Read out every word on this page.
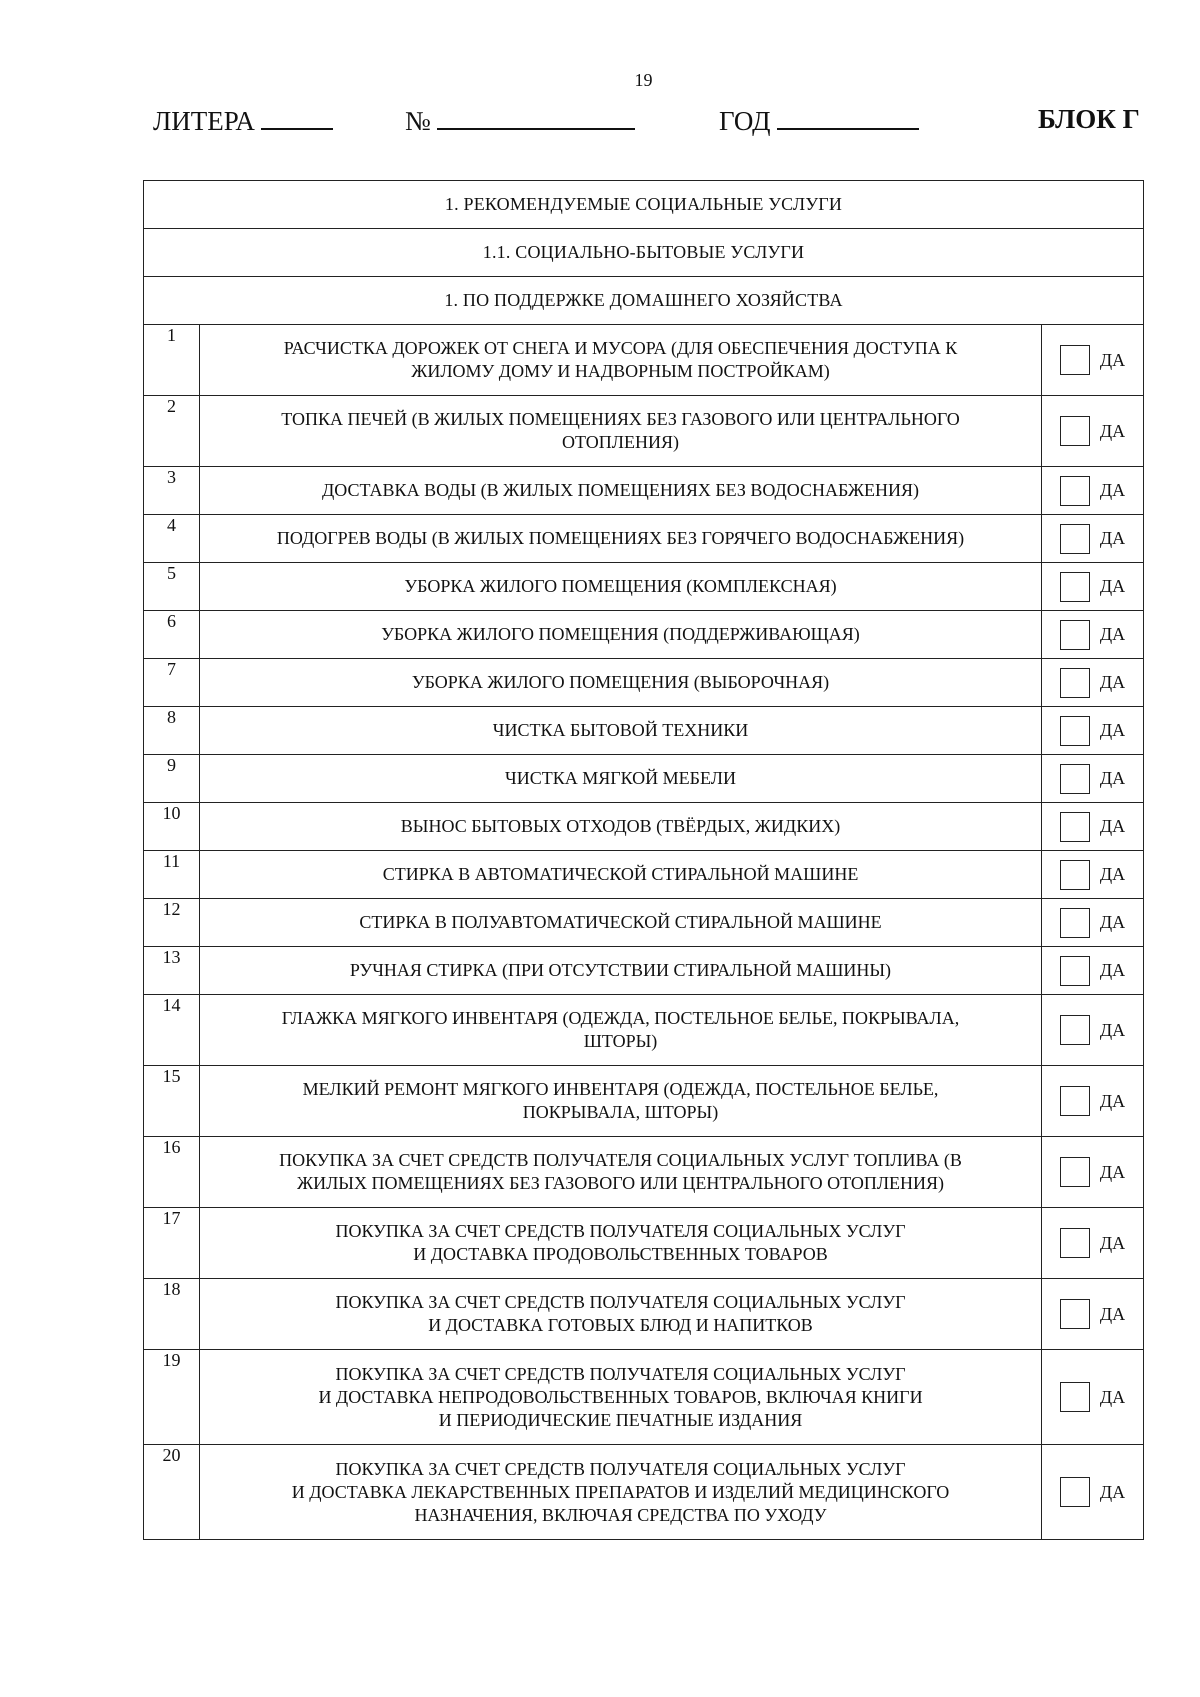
19
ЛИТЕРА	№	ГОД	БЛОК Г
1. РЕКОМЕНДУЕМЫЕ СОЦИАЛЬНЫЕ УСЛУГИ		
1.1. СОЦИАЛЬНО-БЫТОВЫЕ УСЛУГИ		
1. ПО ПОДДЕРЖКЕ ДОМАШНЕГО ХОЗЯЙСТВА		
1	РАСЧИСТКА ДОРОЖЕК ОТ СНЕГА И МУСОРА (ДЛЯ ОБЕСПЕЧЕНИЯ ДОСТУПА К
ЖИЛОМУ ДОМУ И НАДВОРНЫМ ПОСТРОЙКАМ)	ДА

2	ТОПКА ПЕЧЕЙ (В ЖИЛЫХ ПОМЕЩЕНИЯХ БЕЗ ГАЗОВОГО ИЛИ ЦЕНТРАЛЬНОГО
ОТОПЛЕНИЯ)	ДА

3	ДОСТАВКА ВОДЫ (В ЖИЛЫХ ПОМЕЩЕНИЯХ БЕЗ ВОДОСНАБЖЕНИЯ)	ДА

4	ПОДОГРЕВ ВОДЫ (В ЖИЛЫХ ПОМЕЩЕНИЯХ БЕЗ ГОРЯЧЕГО ВОДОСНАБЖЕНИЯ)	ДА

5	УБОРКА ЖИЛОГО ПОМЕЩЕНИЯ (КОМПЛЕКСНАЯ)	ДА

6	УБОРКА ЖИЛОГО ПОМЕЩЕНИЯ (ПОДДЕРЖИВАЮЩАЯ)	ДА

7	УБОРКА ЖИЛОГО ПОМЕЩЕНИЯ (ВЫБОРОЧНАЯ)	ДА

8	ЧИСТКА БЫТОВОЙ ТЕХНИКИ	ДА

9	ЧИСТКА МЯГКОЙ МЕБЕЛИ	ДА

10	ВЫНОС БЫТОВЫХ ОТХОДОВ (ТВЁРДЫХ, ЖИДКИХ)	ДА

11	СТИРКА В АВТОМАТИЧЕСКОЙ СТИРАЛЬНОЙ МАШИНЕ	ДА

12	СТИРКА В ПОЛУАВТОМАТИЧЕСКОЙ СТИРАЛЬНОЙ МАШИНЕ	ДА

13	РУЧНАЯ СТИРКА (ПРИ ОТСУТСТВИИ СТИРАЛЬНОЙ МАШИНЫ)	ДА

14	ГЛАЖКА МЯГКОГО ИНВЕНТАРЯ (ОДЕЖДА, ПОСТЕЛЬНОЕ БЕЛЬЕ, ПОКРЫВАЛА,
ШТОРЫ)	ДА

15	МЕЛКИЙ РЕМОНТ МЯГКОГО ИНВЕНТАРЯ (ОДЕЖДА, ПОСТЕЛЬНОЕ БЕЛЬЕ,
ПОКРЫВАЛА, ШТОРЫ)	ДА

16	ПОКУПКА ЗА СЧЕТ СРЕДСТВ ПОЛУЧАТЕЛЯ СОЦИАЛЬНЫХ УСЛУГ ТОПЛИВА (В
ЖИЛЫХ ПОМЕЩЕНИЯХ БЕЗ ГАЗОВОГО ИЛИ ЦЕНТРАЛЬНОГО ОТОПЛЕНИЯ)	ДА

17	ПОКУПКА ЗА СЧЕТ СРЕДСТВ ПОЛУЧАТЕЛЯ СОЦИАЛЬНЫХ УСЛУГ
И ДОСТАВКА ПРОДОВОЛЬСТВЕННЫХ ТОВАРОВ	ДА

18	ПОКУПКА ЗА СЧЕТ СРЕДСТВ ПОЛУЧАТЕЛЯ СОЦИАЛЬНЫХ УСЛУГ
И ДОСТАВКА ГОТОВЫХ БЛЮД И НАПИТКОВ	ДА

19	ПОКУПКА ЗА СЧЕТ СРЕДСТВ ПОЛУЧАТЕЛЯ СОЦИАЛЬНЫХ УСЛУГ
И ДОСТАВКА НЕПРОДОВОЛЬСТВЕННЫХ ТОВАРОВ, ВКЛЮЧАЯ КНИГИ
И ПЕРИОДИЧЕСКИЕ ПЕЧАТНЫЕ ИЗДАНИЯ	ДА

20	ПОКУПКА ЗА СЧЕТ СРЕДСТВ ПОЛУЧАТЕЛЯ СОЦИАЛЬНЫХ УСЛУГ
И ДОСТАВКА ЛЕКАРСТВЕННЫХ ПРЕПАРАТОВ И ИЗДЕЛИЙ МЕДИЦИНСКОГО
НАЗНАЧЕНИЯ, ВКЛЮЧАЯ СРЕДСТВА ПО УХОДУ	ДА
